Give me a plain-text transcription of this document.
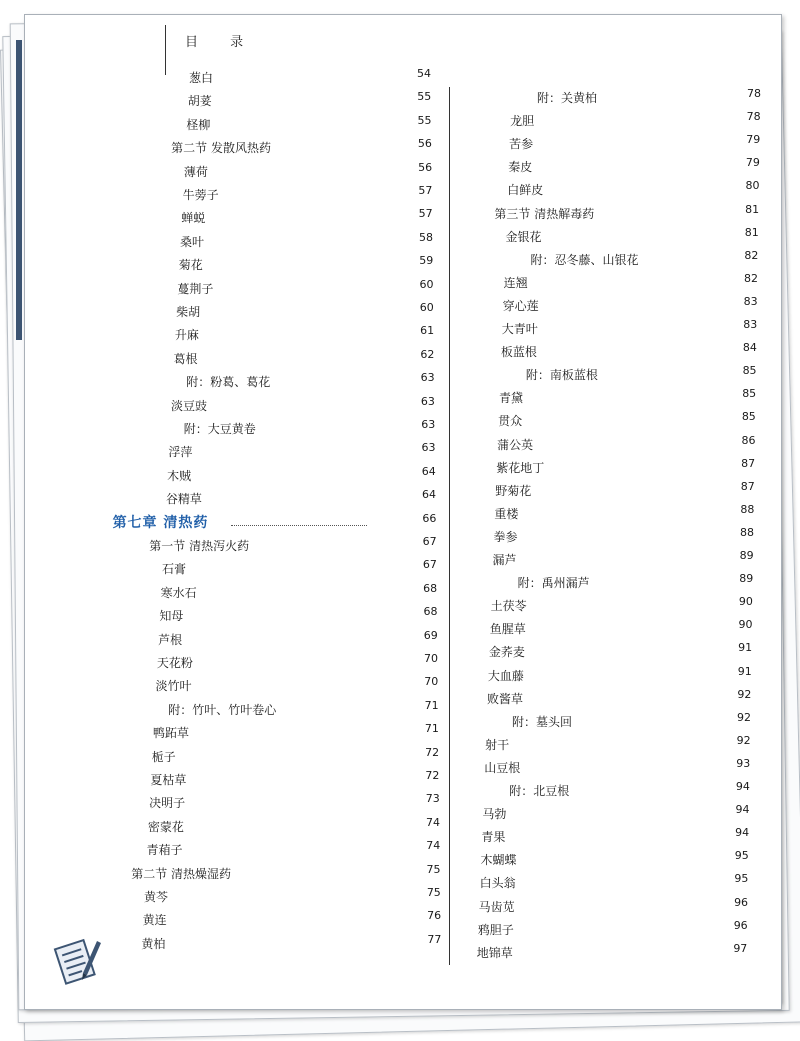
目 录
葱白	54
胡荽	55
柽柳	55
第二节 发散风热药	56
薄荷	56
牛蒡子	57
蝉蜕	57
桑叶	58
菊花	59
蔓荆子	60
柴胡	60
升麻	61
葛根	62
附：粉葛、葛花	63
淡豆豉	63
附：大豆黄卷	63
浮萍	63
木贼	64
谷精草	64
第七章 清热药	66
第一节 清热泻火药	67
石膏	67
寒水石	68
知母	68
芦根	69
天花粉	70
淡竹叶	70
附：竹叶、竹叶卷心	71
鸭跖草	71
栀子	72
夏枯草	72
决明子	73
密蒙花	74
青葙子	74
第二节 清热燥湿药	75
黄芩	75
黄连	76
黄柏	77
附：关黄柏	78
龙胆	78
苦参	79
秦皮	79
白鲜皮	80
第三节 清热解毒药	81
金银花	81
附：忍冬藤、山银花	82
连翘	82
穿心莲	83
大青叶	83
板蓝根	84
附：南板蓝根	85
青黛	85
贯众	85
蒲公英	86
紫花地丁	87
野菊花	87
重楼	88
拳参	88
漏芦	89
附：禹州漏芦	89
土茯苓	90
鱼腥草	90
金荞麦	91
大血藤	91
败酱草	92
附：墓头回	92
射干	92
山豆根	93
附：北豆根	94
马勃	94
青果	94
木蝴蝶	95
白头翁	95
马齿苋	96
鸦胆子	96
地锦草	97
